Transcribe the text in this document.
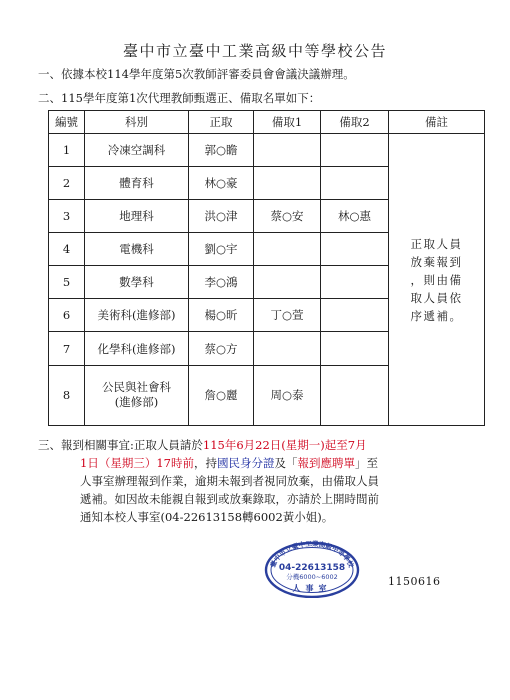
臺中市立臺中工業高級中等學校公告
一、依據本校114學年度第5次教師評審委員會會議決議辦理。
二、115學年度第1次代理教師甄選正、備取名單如下：
編號	科別	正取	備取1	備取2	備註
1	冷凍空調科	郭○瞻			正取人員
放棄報到
，則由備
取人員依
序遞補。

2	體育科	林○豪			
3	地理科	洪○津	蔡○安	林○惠	
4	電機科	劉○宇			
5	數學科	李○鴻			
6	美術科(進修部)	楊○昕	丁○萱		
7	化學科(進修部)	蔡○方			
8	公民與社會科
(進修部)	詹○麗	周○泰		
三、報到相關事宜:正取人員請於115年6月22日(星期一)起至7月
1日（星期三）17時前，持國民身分證及「報到應聘單」至
人事室辦理報到作業，逾期未報到者視同放棄，由備取人員
遞補。如因故未能親自報到或放棄錄取，亦請於上開時間前
通知本校人事室(04-22613158轉6002黃小姐)。
臺中市立臺中工業高級中等學校
04-22613158
分機6000~6002
人事室
1150616
